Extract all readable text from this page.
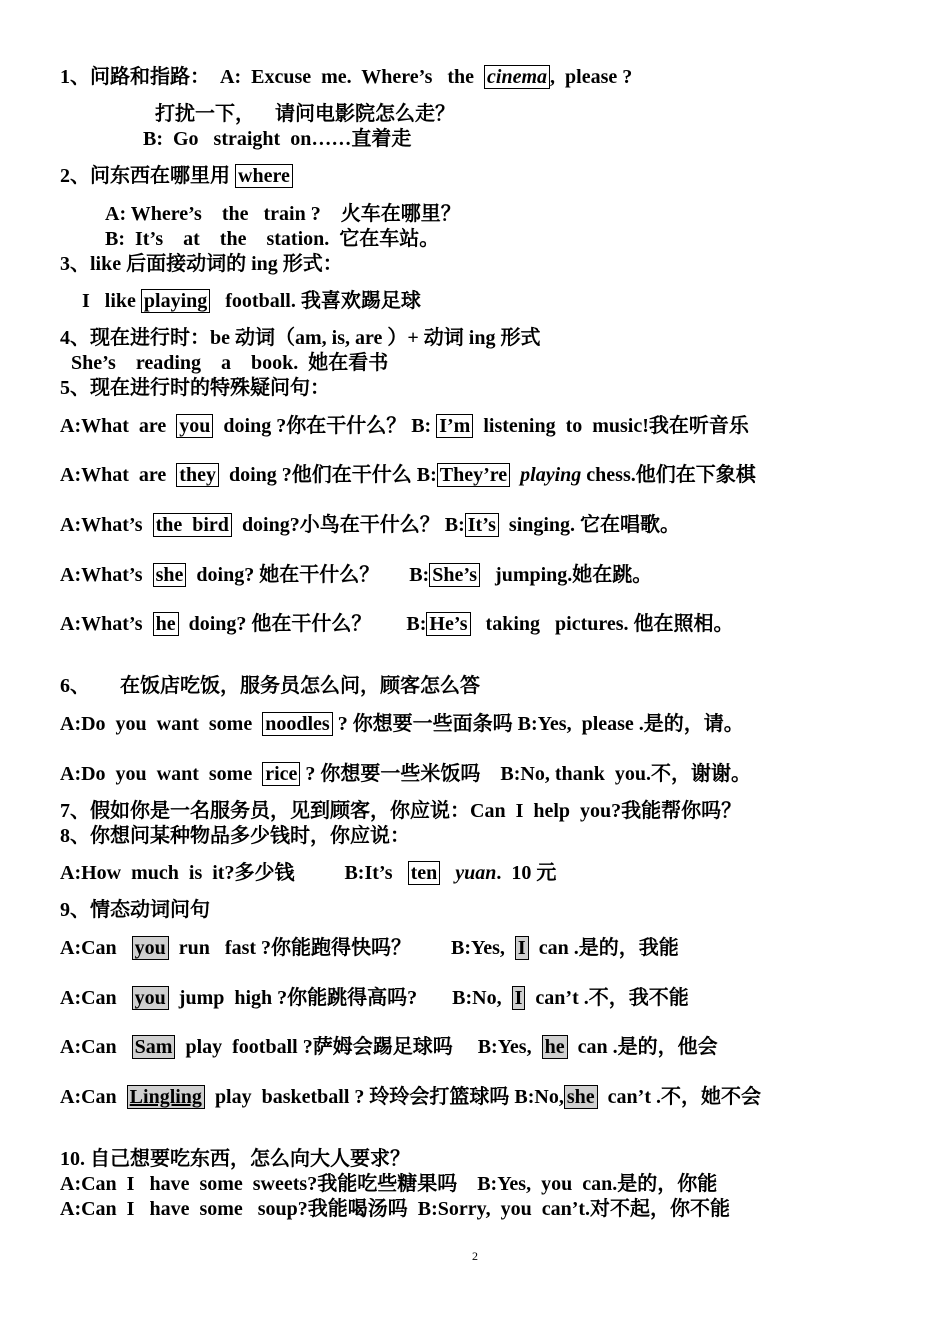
1、问路和指路：  A:  Excuse  me.  Where’s   the  cinema ,  please ?
打扰一下，    请问电影院怎么走？
B:  Go   straight  on……直着走
2、问东西在哪里用 where
A: Where’s    the   train ?    火车在哪里？
B:  It’s    at    the    station.  它在车站。
3、like 后面接动词的 ing 形式：
I   like playing   football. 我喜欢踢足球
4、现在进行时：be 动词（am, is, are ）+ 动词 ing 形式
She’s    reading    a    book.  她在看书
5、现在进行时的特殊疑问句：
A:What  are  you  doing ?你在干什么？ B: I’m  listening  to  music!我在听音乐
A:What  are  they  doing ?他们在干什么 B: They’re playing chess.他们在下象棋
A:What’s  the  bird  doing?小鸟在干什么？ B: It’s  singing. 它在唱歌。
A:What’s  she  doing? 她在干什么？      B: She’s   jumping.她在跳。
A:What’s  he  doing? 他在干什么？       B: He’s   taking   pictures. 他在照相。
6、      在饭店吃饭，服务员怎么问，顾客怎么答
A:Do  you  want  some  noodles ? 你想要一些面条吗 B:Yes,  please .是的，请。
A:Do  you  want  some  rice ? 你想要一些米饭吗    B:No, thank  you.不，谢谢。
7、假如你是一名服务员，见到顾客，你应说：Can  I  help  you?我能帮你吗？
8、你想问某种物品多少钱时，你应说：
A:How  much  is  it?多少钱          B:It’s   ten yuan.  10 元
9、情态动词问句
A:Can   you  run   fast ?你能跑得快吗？        B:Yes,  I  can .是的，我能
A:Can   you  jump  high ?你能跳得高吗?       B:No,  I  can’t .不，我不能
A:Can   Sam  play  football ?萨姆会踢足球吗     B:Yes,  he  can .是的，他会
A:Can  Lingling  play  basketball ? 玲玲会打篮球吗 B:No, she  can’t .不，她不会
10. 自己想要吃东西，怎么向大人要求？
A:Can  I   have  some  sweets?我能吃些糖果吗    B:Yes,  you  can.是的，你能
A:Can  I   have  some   soup?我能喝汤吗  B:Sorry,  you  can’t.对不起，你不能
2
